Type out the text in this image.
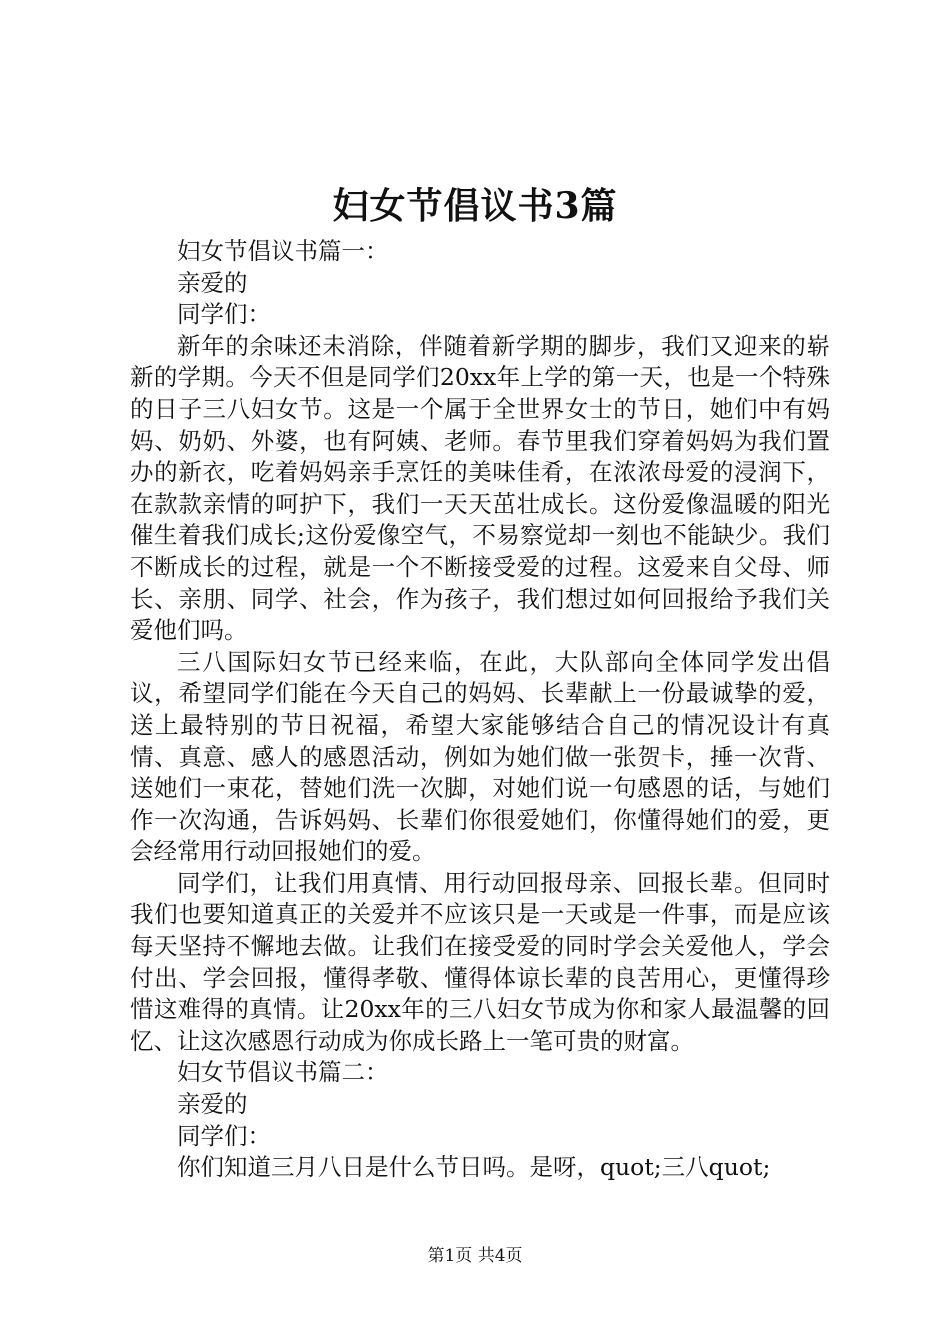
妇女节倡议书3篇

妇女节倡议书篇一：

亲爱的

同学们：

新年的余味还未消除，伴随着新学期的脚步，我们又迎来的崭新的学期。今天不但是同学们20xx年上学的第一天，也是一个特殊的日子三八妇女节。这是一个属于全世界女士的节日，她们中有妈妈、奶奶、外婆，也有阿姨、老师。春节里我们穿着妈妈为我们置办的新衣，吃着妈妈亲手烹饪的美味佳肴，在浓浓母爱的浸润下，在款款亲情的呵护下，我们一天天茁壮成长。这份爱像温暖的阳光催生着我们成长;这份爱像空气，不易察觉却一刻也不能缺少。我们不断成长的过程，就是一个不断接受爱的过程。这爱来自父母、师长、亲朋、同学、社会，作为孩子，我们想过如何回报给予我们关爱他们吗。

三八国际妇女节已经来临，在此，大队部向全体同学发出倡议，希望同学们能在今天自己的妈妈、长辈献上一份最诚挚的爱，送上最特别的节日祝福，希望大家能够结合自己的情况设计有真情、真意、感人的感恩活动，例如为她们做一张贺卡，捶一次背、送她们一束花，替她们洗一次脚，对她们说一句感恩的话，与她们作一次沟通，告诉妈妈、长辈们你很爱她们，你懂得她们的爱，更会经常用行动回报她们的爱。

同学们，让我们用真情、用行动回报母亲、回报长辈。但同时我们也要知道真正的关爱并不应该只是一天或是一件事，而是应该每天坚持不懈地去做。让我们在接受爱的同时学会关爱他人，学会付出、学会回报，懂得孝敬、懂得体谅长辈的良苦用心，更懂得珍惜这难得的真情。让20xx年的三八妇女节成为你和家人最温馨的回忆、让这次感恩行动成为你成长路上一笔可贵的财富。

妇女节倡议书篇二：

亲爱的

同学们：

你们知道三月八日是什么节日吗。是呀，quot;三八quot;

第1页 共4页
